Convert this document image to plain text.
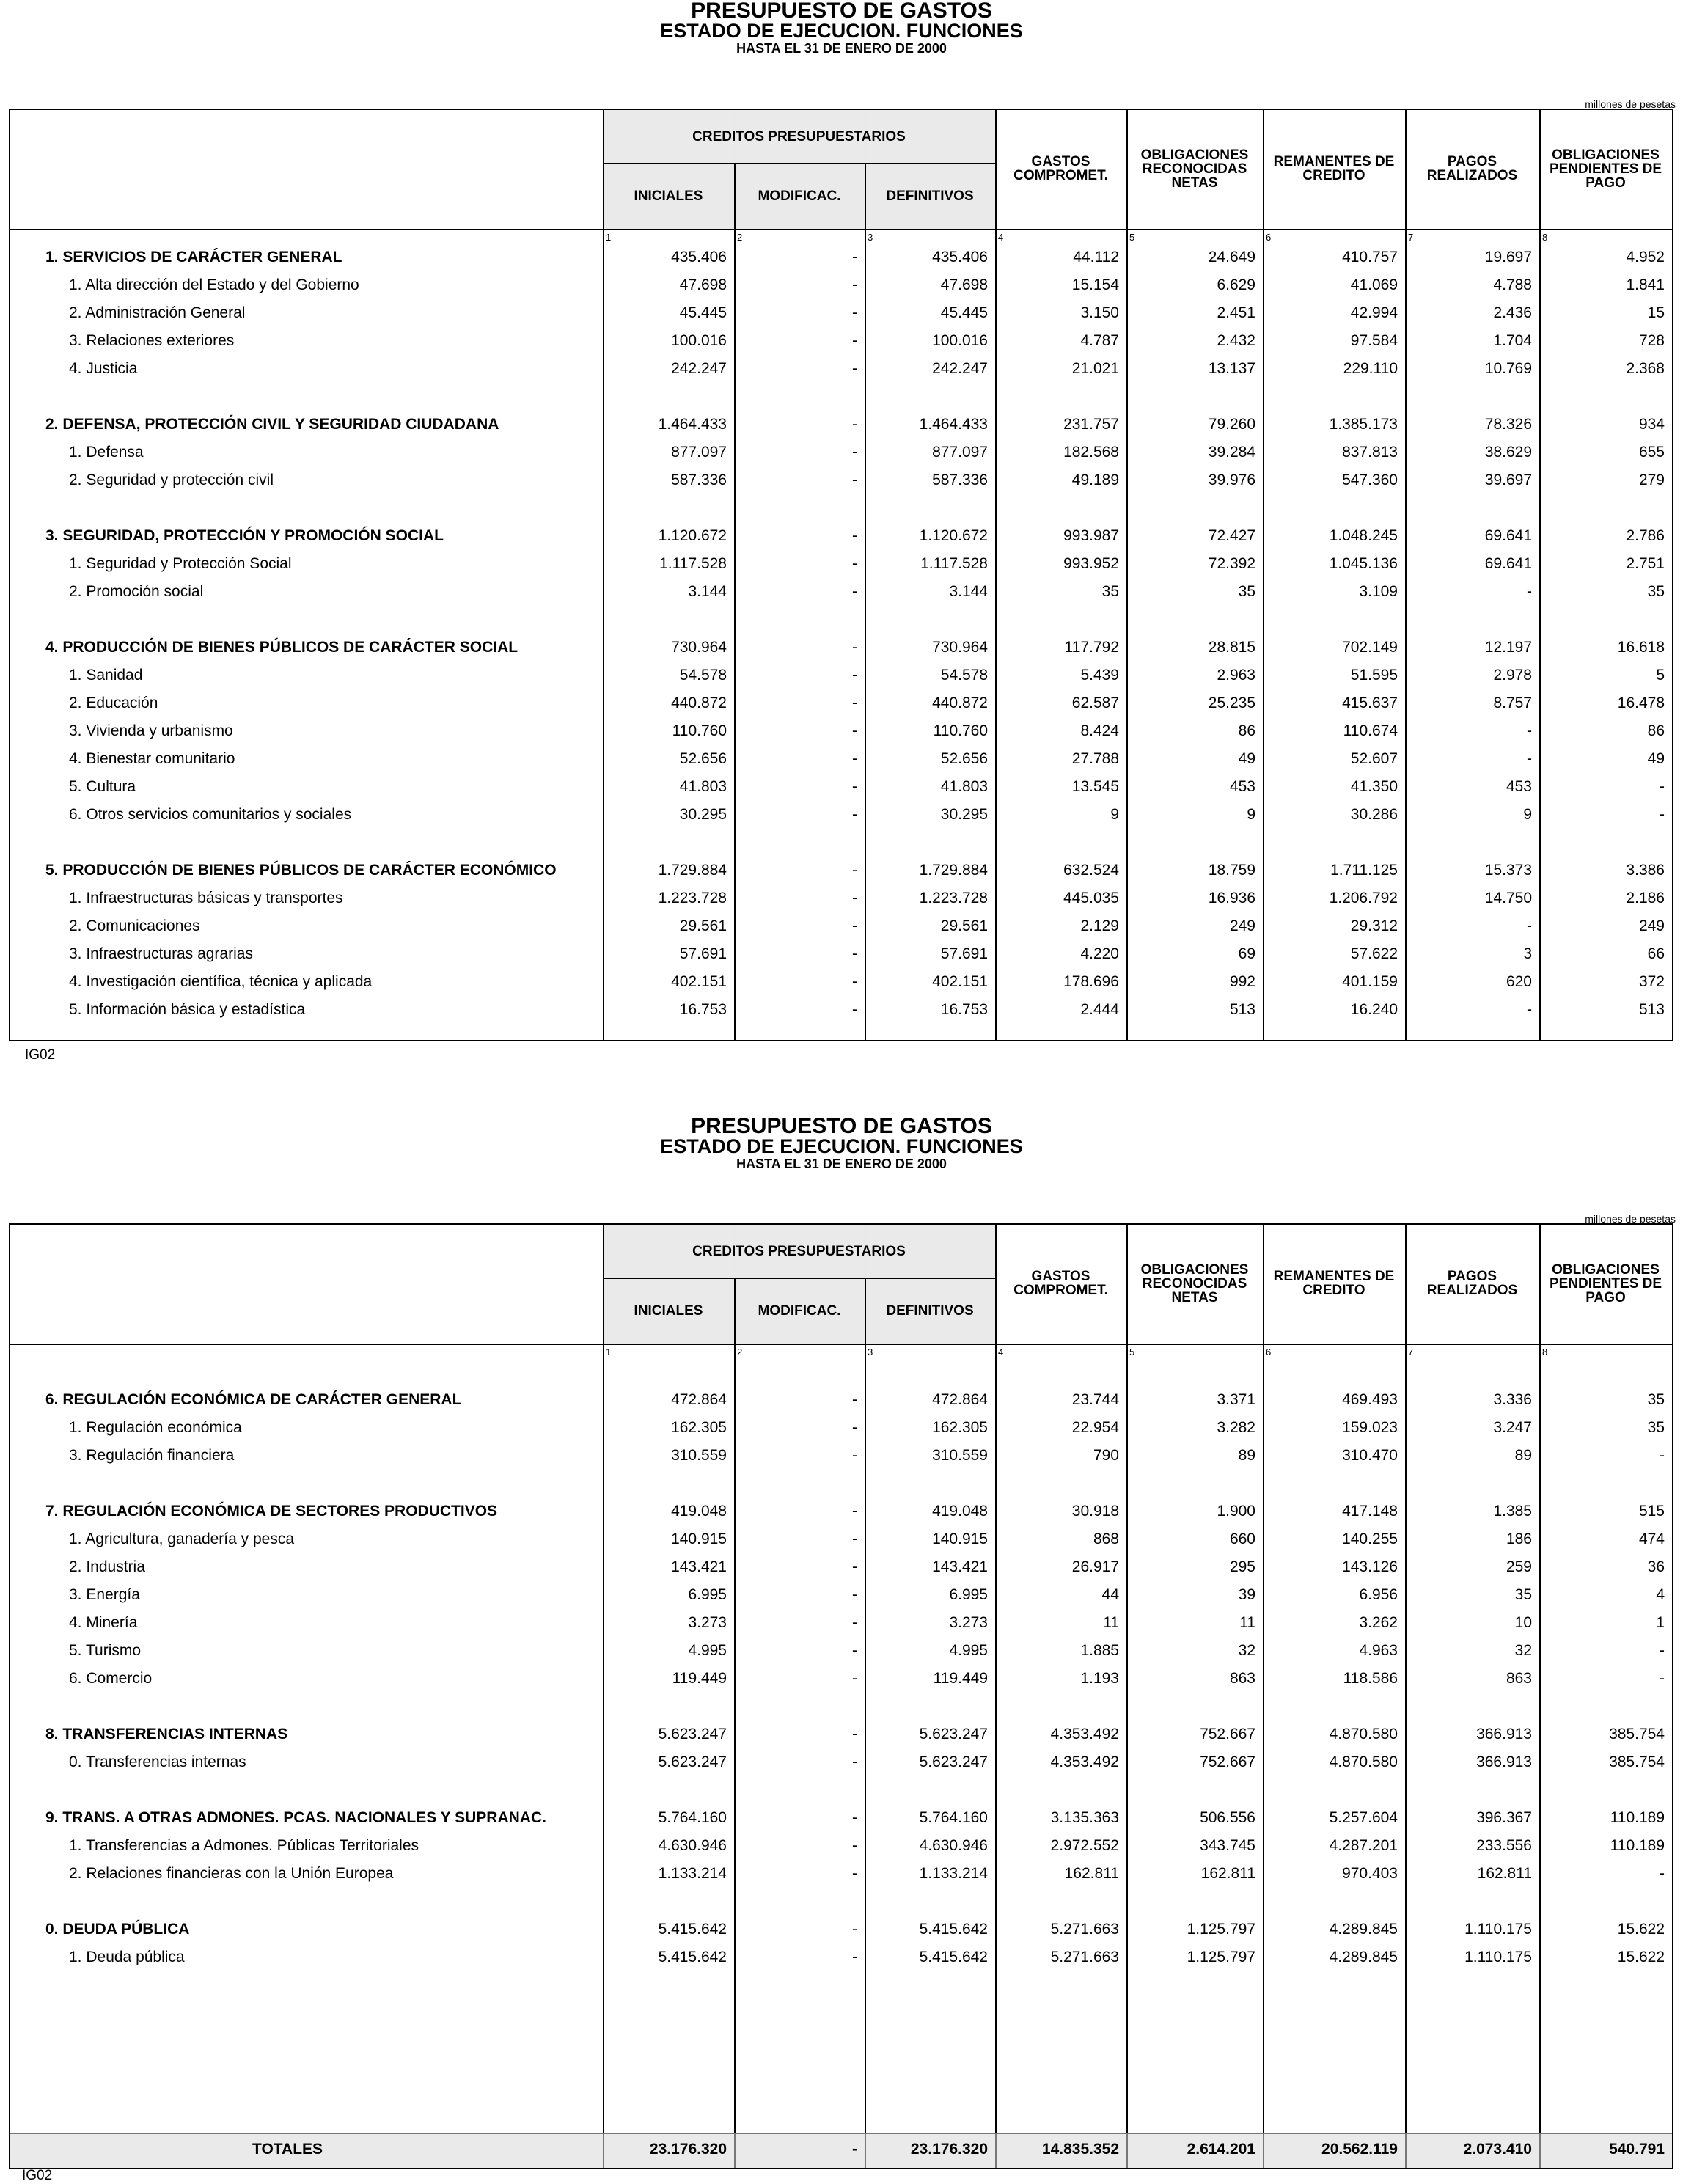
PRESUPUESTO DE GASTOS
ESTADO DE EJECUCION. FUNCIONES
HASTA EL 31 DE ENERO DE 2000
millones de pesetas
CREDITOS PRESUPUESTARIOS
INICIALES	MODIFICAC.	DEFINITIVOS
GASTOS COMPROMET.
OBLIGACIONES RECONOCIDAS NETAS
REMANENTES DE CREDITO
PAGOS REALIZADOS
OBLIGACIONES PENDIENTES DE PAGO
1	2	3	4	5	6	7	8
1. SERVICIOS DE CARÁCTER GENERAL	435.406	-	435.406	44.112	24.649	410.757	19.697	4.952
1. Alta dirección del Estado y del Gobierno	47.698	-	47.698	15.154	6.629	41.069	4.788	1.841
2. Administración General	45.445	-	45.445	3.150	2.451	42.994	2.436	15
3. Relaciones exteriores	100.016	-	100.016	4.787	2.432	97.584	1.704	728
4. Justicia	242.247	-	242.247	21.021	13.137	229.110	10.769	2.368
2. DEFENSA, PROTECCIÓN CIVIL Y SEGURIDAD CIUDADANA	1.464.433	-	1.464.433	231.757	79.260	1.385.173	78.326	934
1. Defensa	877.097	-	877.097	182.568	39.284	837.813	38.629	655
2. Seguridad y protección civil	587.336	-	587.336	49.189	39.976	547.360	39.697	279
3. SEGURIDAD, PROTECCIÓN Y PROMOCIÓN SOCIAL	1.120.672	-	1.120.672	993.987	72.427	1.048.245	69.641	2.786
1. Seguridad y Protección Social	1.117.528	-	1.117.528	993.952	72.392	1.045.136	69.641	2.751
2. Promoción social	3.144	-	3.144	35	35	3.109	-	35
4. PRODUCCIÓN DE BIENES PÚBLICOS DE CARÁCTER SOCIAL	730.964	-	730.964	117.792	28.815	702.149	12.197	16.618
1. Sanidad	54.578	-	54.578	5.439	2.963	51.595	2.978	5
2. Educación	440.872	-	440.872	62.587	25.235	415.637	8.757	16.478
3. Vivienda y urbanismo	110.760	-	110.760	8.424	86	110.674	-	86
4. Bienestar comunitario	52.656	-	52.656	27.788	49	52.607	-	49
5. Cultura	41.803	-	41.803	13.545	453	41.350	453	-
6. Otros servicios comunitarios y sociales	30.295	-	30.295	9	9	30.286	9	-
5. PRODUCCIÓN DE BIENES PÚBLICOS DE CARÁCTER ECONÓMICO	1.729.884	-	1.729.884	632.524	18.759	1.711.125	15.373	3.386
1. Infraestructuras básicas y transportes	1.223.728	-	1.223.728	445.035	16.936	1.206.792	14.750	2.186
2. Comunicaciones	29.561	-	29.561	2.129	249	29.312	-	249
3. Infraestructuras agrarias	57.691	-	57.691	4.220	69	57.622	3	66
4. Investigación científica, técnica y aplicada	402.151	-	402.151	178.696	992	401.159	620	372
5. Información básica y estadística	16.753	-	16.753	2.444	513	16.240	-	513
IG02
PRESUPUESTO DE GASTOS
ESTADO DE EJECUCION. FUNCIONES
HASTA EL 31 DE ENERO DE 2000
millones de pesetas
CREDITOS PRESUPUESTARIOS
INICIALES	MODIFICAC.	DEFINITIVOS
GASTOS COMPROMET.
OBLIGACIONES RECONOCIDAS NETAS
REMANENTES DE CREDITO
PAGOS REALIZADOS
OBLIGACIONES PENDIENTES DE PAGO
1	2	3	4	5	6	7	8
6. REGULACIÓN ECONÓMICA DE CARÁCTER GENERAL	472.864	-	472.864	23.744	3.371	469.493	3.336	35
1. Regulación económica	162.305	-	162.305	22.954	3.282	159.023	3.247	35
3. Regulación financiera	310.559	-	310.559	790	89	310.470	89	-
7. REGULACIÓN ECONÓMICA DE SECTORES PRODUCTIVOS	419.048	-	419.048	30.918	1.900	417.148	1.385	515
1. Agricultura, ganadería y pesca	140.915	-	140.915	868	660	140.255	186	474
2. Industria	143.421	-	143.421	26.917	295	143.126	259	36
3. Energía	6.995	-	6.995	44	39	6.956	35	4
4. Minería	3.273	-	3.273	11	11	3.262	10	1
5. Turismo	4.995	-	4.995	1.885	32	4.963	32	-
6. Comercio	119.449	-	119.449	1.193	863	118.586	863	-
8. TRANSFERENCIAS INTERNAS	5.623.247	-	5.623.247	4.353.492	752.667	4.870.580	366.913	385.754
0. Transferencias internas	5.623.247	-	5.623.247	4.353.492	752.667	4.870.580	366.913	385.754
9. TRANS. A OTRAS ADMONES. PCAS. NACIONALES Y SUPRANAC.	5.764.160	-	5.764.160	3.135.363	506.556	5.257.604	396.367	110.189
1. Transferencias a Admones. Públicas Territoriales	4.630.946	-	4.630.946	2.972.552	343.745	4.287.201	233.556	110.189
2. Relaciones financieras con la Unión Europea	1.133.214	-	1.133.214	162.811	162.811	970.403	162.811	-
0. DEUDA PÚBLICA	5.415.642	-	5.415.642	5.271.663	1.125.797	4.289.845	1.110.175	15.622
1. Deuda pública	5.415.642	-	5.415.642	5.271.663	1.125.797	4.289.845	1.110.175	15.622
TOTALES	23.176.320	-	23.176.320	14.835.352	2.614.201	20.562.119	2.073.410	540.791
IG02
